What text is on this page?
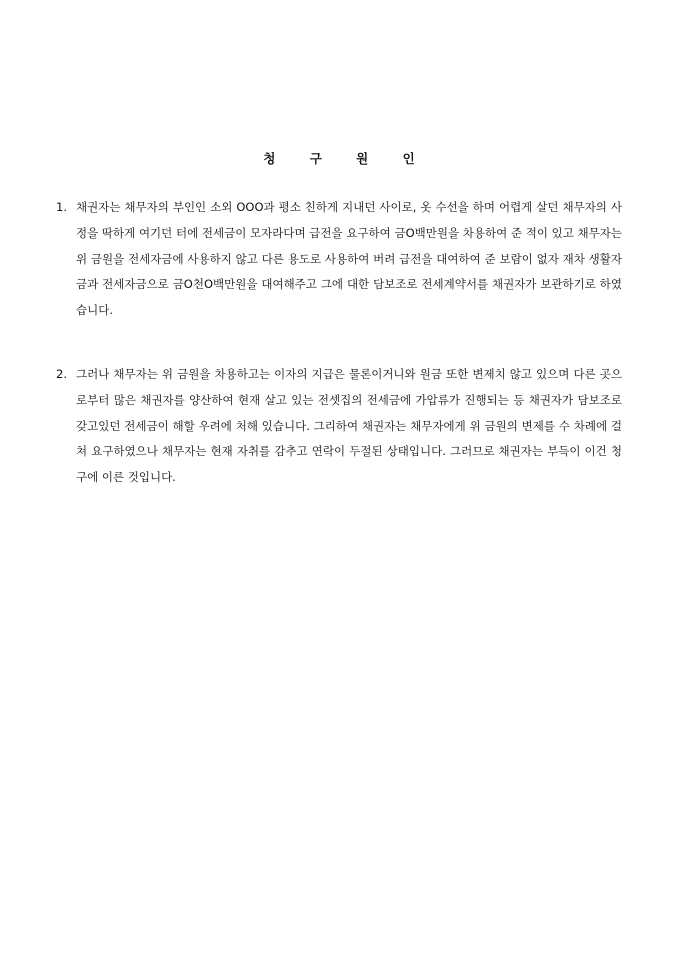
청 구 원 인
1. 채권자는 채무자의 부인인 소외 OOO과 평소 친하게 지내던 사이로, 옷 수선을 하며 어렵게 살던 채무자의 사정을 딱하게 여기던 터에 전세금이 모자라다며 급전을 요구하여 금O백만원을 차용하여 준 적이 있고 채무자는 위 금원을 전세자금에 사용하지 않고 다른 용도로 사용하여 버려 급전을 대여하여 준 보람이 없자 재차 생활자금과 전세자금으로 금O천O백만원을 대여해주고 그에 대한 담보조로 전세계약서를 채권자가 보관하기로 하였습니다.
2. 그러나 채무자는 위 금원을 차용하고는 이자의 지급은 물론이거니와 원금 또한 변제치 않고 있으며 다른 곳으로부터 많은 채권자를 양산하여 현재 살고 있는 전셋집의 전세금에 가압류가 진행되는 등 채권자가 담보조로 갖고있던 전세금이 해할 우려에 처해 있습니다. 그리하여 채권자는 채무자에게 위 금원의 변제를 수 차례에 걸쳐 요구하였으나 채무자는 현재 자취를 감추고 연락이 두절된 상태입니다. 그러므로 채권자는 부득이 이건 청구에 이른 것입니다.
